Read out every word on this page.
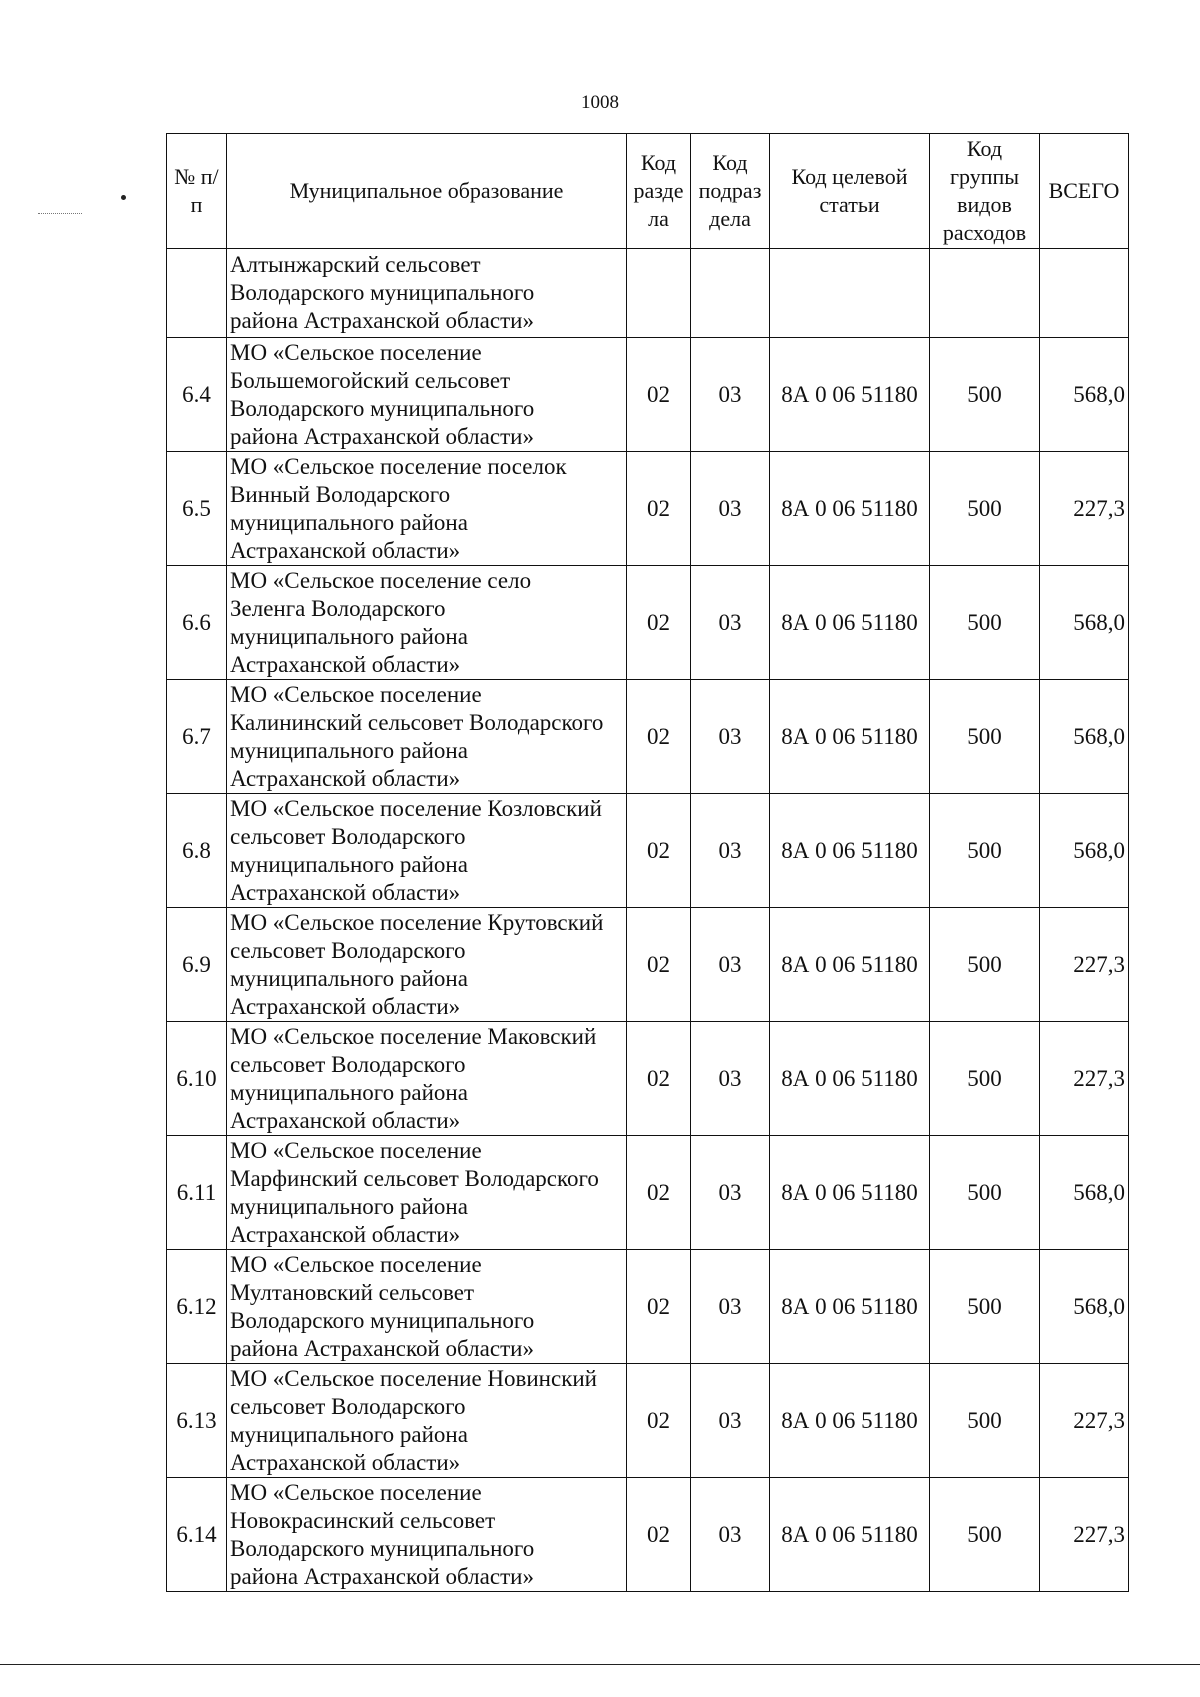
1008
№ п/п	Муниципальное образование	Код разде ла	Код подраз дела	Код целевой статьи	Код группы видов расходов	ВСЕГО
	Алтынжарский сельсовет
Володарского муниципального
района Астраханской области»					
6.4	МО «Сельское поселение
Большемогойский сельсовет
Володарского муниципального
района Астраханской области»	02	03	8А 0 06 51180	500	568,0
6.5	МО «Сельское поселение поселок
Винный Володарского
муниципального района
Астраханской области»	02	03	8А 0 06 51180	500	227,3
6.6	МО «Сельское поселение село
Зеленга Володарского
муниципального района
Астраханской области»	02	03	8А 0 06 51180	500	568,0
6.7	МО «Сельское поселение
Калининский сельсовет Володарского
муниципального района
Астраханской области»	02	03	8А 0 06 51180	500	568,0
6.8	МО «Сельское поселение Козловский
сельсовет Володарского
муниципального района
Астраханской области»	02	03	8А 0 06 51180	500	568,0
6.9	МО «Сельское поселение Крутовский
сельсовет Володарского
муниципального района
Астраханской области»	02	03	8А 0 06 51180	500	227,3
6.10	МО «Сельское поселение Маковский
сельсовет Володарского
муниципального района
Астраханской области»	02	03	8А 0 06 51180	500	227,3
6.11	МО «Сельское поселение
Марфинский сельсовет Володарского
муниципального района
Астраханской области»	02	03	8А 0 06 51180	500	568,0
6.12	МО «Сельское поселение
Мултановский сельсовет
Володарского муниципального
района Астраханской области»	02	03	8А 0 06 51180	500	568,0
6.13	МО «Сельское поселение Новинский
сельсовет Володарского
муниципального района
Астраханской области»	02	03	8А 0 06 51180	500	227,3
6.14	МО «Сельское поселение
Новокрасинский сельсовет
Володарского муниципального
района Астраханской области»	02	03	8А 0 06 51180	500	227,3
